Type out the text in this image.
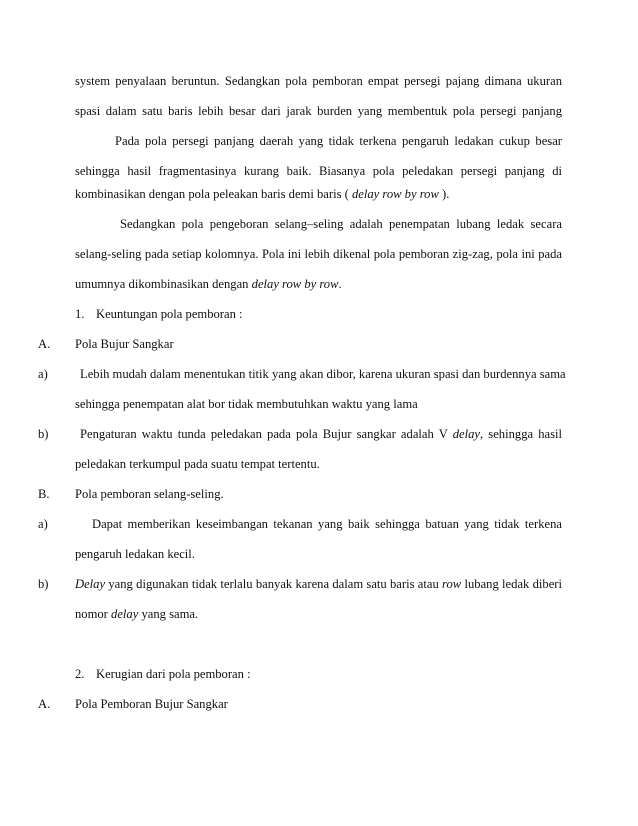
system penyalaan beruntun. Sedangkan pola pemboran empat persegi pajang dimana ukuran
spasi dalam satu baris lebih besar dari jarak burden yang membentuk pola persegi panjang
Pada pola persegi panjang daerah yang tidak terkena pengaruh ledakan cukup besar
sehingga hasil fragmentasinya kurang baik. Biasanya pola peledakan persegi panjang di
kombinasikan dengan pola peleakan baris demi baris ( delay row by row ).
Sedangkan pola pengeboran selang–seling adalah penempatan lubang ledak secara
selang-seling pada setiap kolomnya. Pola ini lebih dikenal pola pemboran zig-zag, pola ini pada
umumnya dikombinasikan dengan delay row by row.
1. Keuntungan pola pemboran :
A. Pola Bujur Sangkar
a)	Lebih mudah dalam menentukan titik yang akan dibor, karena ukuran spasi dan burdennya sama
sehingga penempatan alat bor tidak membutuhkan waktu yang lama
b)	Pengaturan waktu tunda peledakan pada pola Bujur sangkar adalah V delay, sehingga hasil
peledakan terkumpul pada suatu tempat tertentu.
B. Pola pemboran selang-seling.
a)	Dapat memberikan keseimbangan tekanan yang baik sehingga batuan yang tidak terkena
pengaruh ledakan kecil.
b) Delay yang digunakan tidak terlalu banyak karena dalam satu baris atau row lubang ledak diberi
nomor delay yang sama.
2. Kerugian dari pola pemboran :
A. Pola Pemboran Bujur Sangkar
